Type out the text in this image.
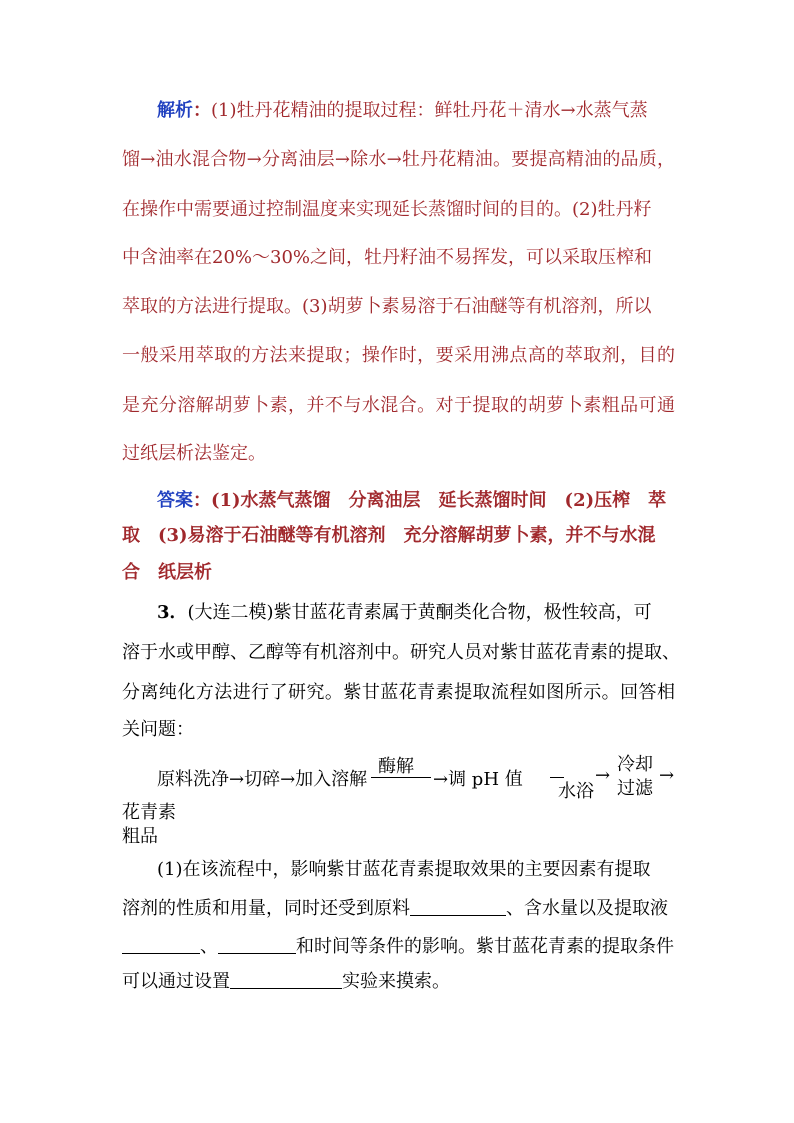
解析：(1)牡丹花精油的提取过程：鲜牡丹花＋清水→水蒸气蒸
馏→油水混合物→分离油层→除水→牡丹花精油。要提高精油的品质，
在操作中需要通过控制温度来实现延长蒸馏时间的目的。(2)牡丹籽
中含油率在20%～30%之间，牡丹籽油不易挥发，可以采取压榨和
萃取的方法进行提取。(3)胡萝卜素易溶于石油醚等有机溶剂，所以
一般采用萃取的方法来提取；操作时，要采用沸点高的萃取剂，目的
是充分溶解胡萝卜素，并不与水混合。对于提取的胡萝卜素粗品可通
过纸层析法鉴定。
答案：(1)水蒸气蒸馏　分离油层　延长蒸馏时间　(2)压榨　萃
取　(3)易溶于石油醚等有机溶剂　充分溶解胡萝卜素，并不与水混
合　纸层析
3．(大连二模)紫甘蓝花青素属于黄酮类化合物，极性较高，可
溶于水或甲醇、乙醇等有机溶剂中。研究人员对紫甘蓝花青素的提取、
分离纯化方法进行了研究。紫甘蓝花青素提取流程如图所示。回答相
关问题：
原料洗净→切碎→加入溶解
酶解
→调 pH 值
水浴
→
冷却
过滤
→
花青素
粗品
(1)在该流程中，影响紫甘蓝花青素提取效果的主要因素有提取
溶剂的性质和用量，同时还受到原料	、含水量以及提取液
、	和时间等条件的影响。紫甘蓝花青素的提取条件
可以通过设置	实验来摸索。
